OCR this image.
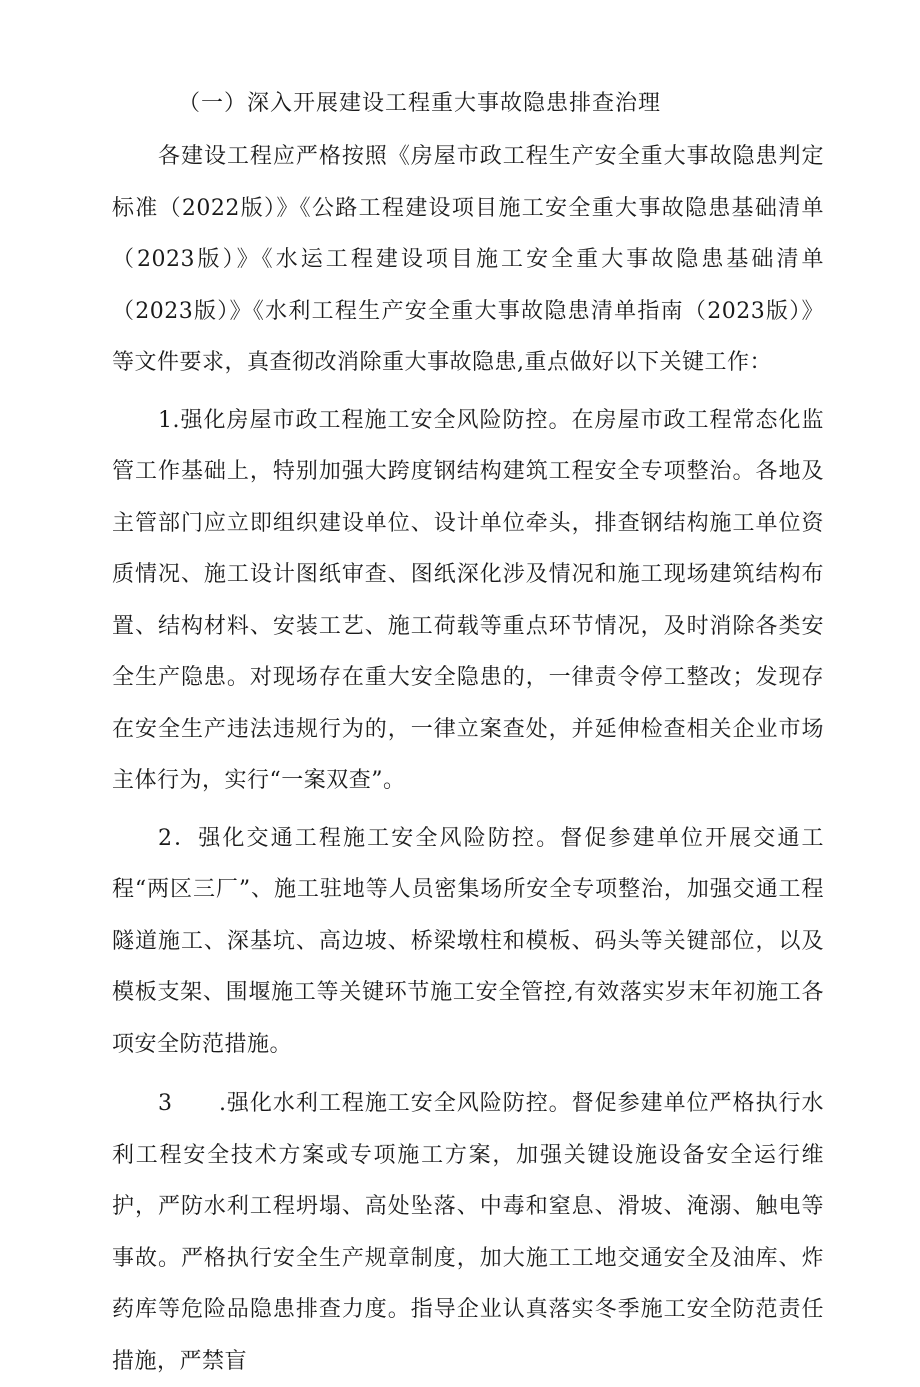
（一）深入开展建设工程重大事故隐患排查治理

各建设工程应严格按照《房屋市政工程生产安全重大事故隐患判定标准（2022版）》《公路工程建设项目施工安全重大事故隐患基础清单（2023版）》《水运工程建设项目施工安全重大事故隐患基础清单（2023版）》《水利工程生产安全重大事故隐患清单指南（2023版）》等文件要求，真查彻改消除重大事故隐患,重点做好以下关键工作：

1.强化房屋市政工程施工安全风险防控。在房屋市政工程常态化监管工作基础上，特别加强大跨度钢结构建筑工程安全专项整治。各地及主管部门应立即组织建设单位、设计单位牵头，排查钢结构施工单位资质情况、施工设计图纸审查、图纸深化涉及情况和施工现场建筑结构布置、结构材料、安装工艺、施工荷载等重点环节情况，及时消除各类安全生产隐患。对现场存在重大安全隐患的，一律责令停工整改；发现存在安全生产违法违规行为的，一律立案查处，并延伸检查相关企业市场主体行为，实行“一案双查”。

2．强化交通工程施工安全风险防控。督促参建单位开展交通工程“两区三厂”、施工驻地等人员密集场所安全专项整治，加强交通工程隧道施工、深基坑、高边坡、桥梁墩柱和模板、码头等关键部位，以及模板支架、围堰施工等关键环节施工安全管控,有效落实岁末年初施工各项安全防范措施。

3　　.强化水利工程施工安全风险防控。督促参建单位严格执行水利工程安全技术方案或专项施工方案，加强关键设施设备安全运行维护，严防水利工程坍塌、高处坠落、中毒和窒息、滑坡、淹溺、触电等事故。严格执行安全生产规章制度，加大施工工地交通安全及油库、炸药库等危险品隐患排查力度。指导企业认真落实冬季施工安全防范责任措施，严禁盲
